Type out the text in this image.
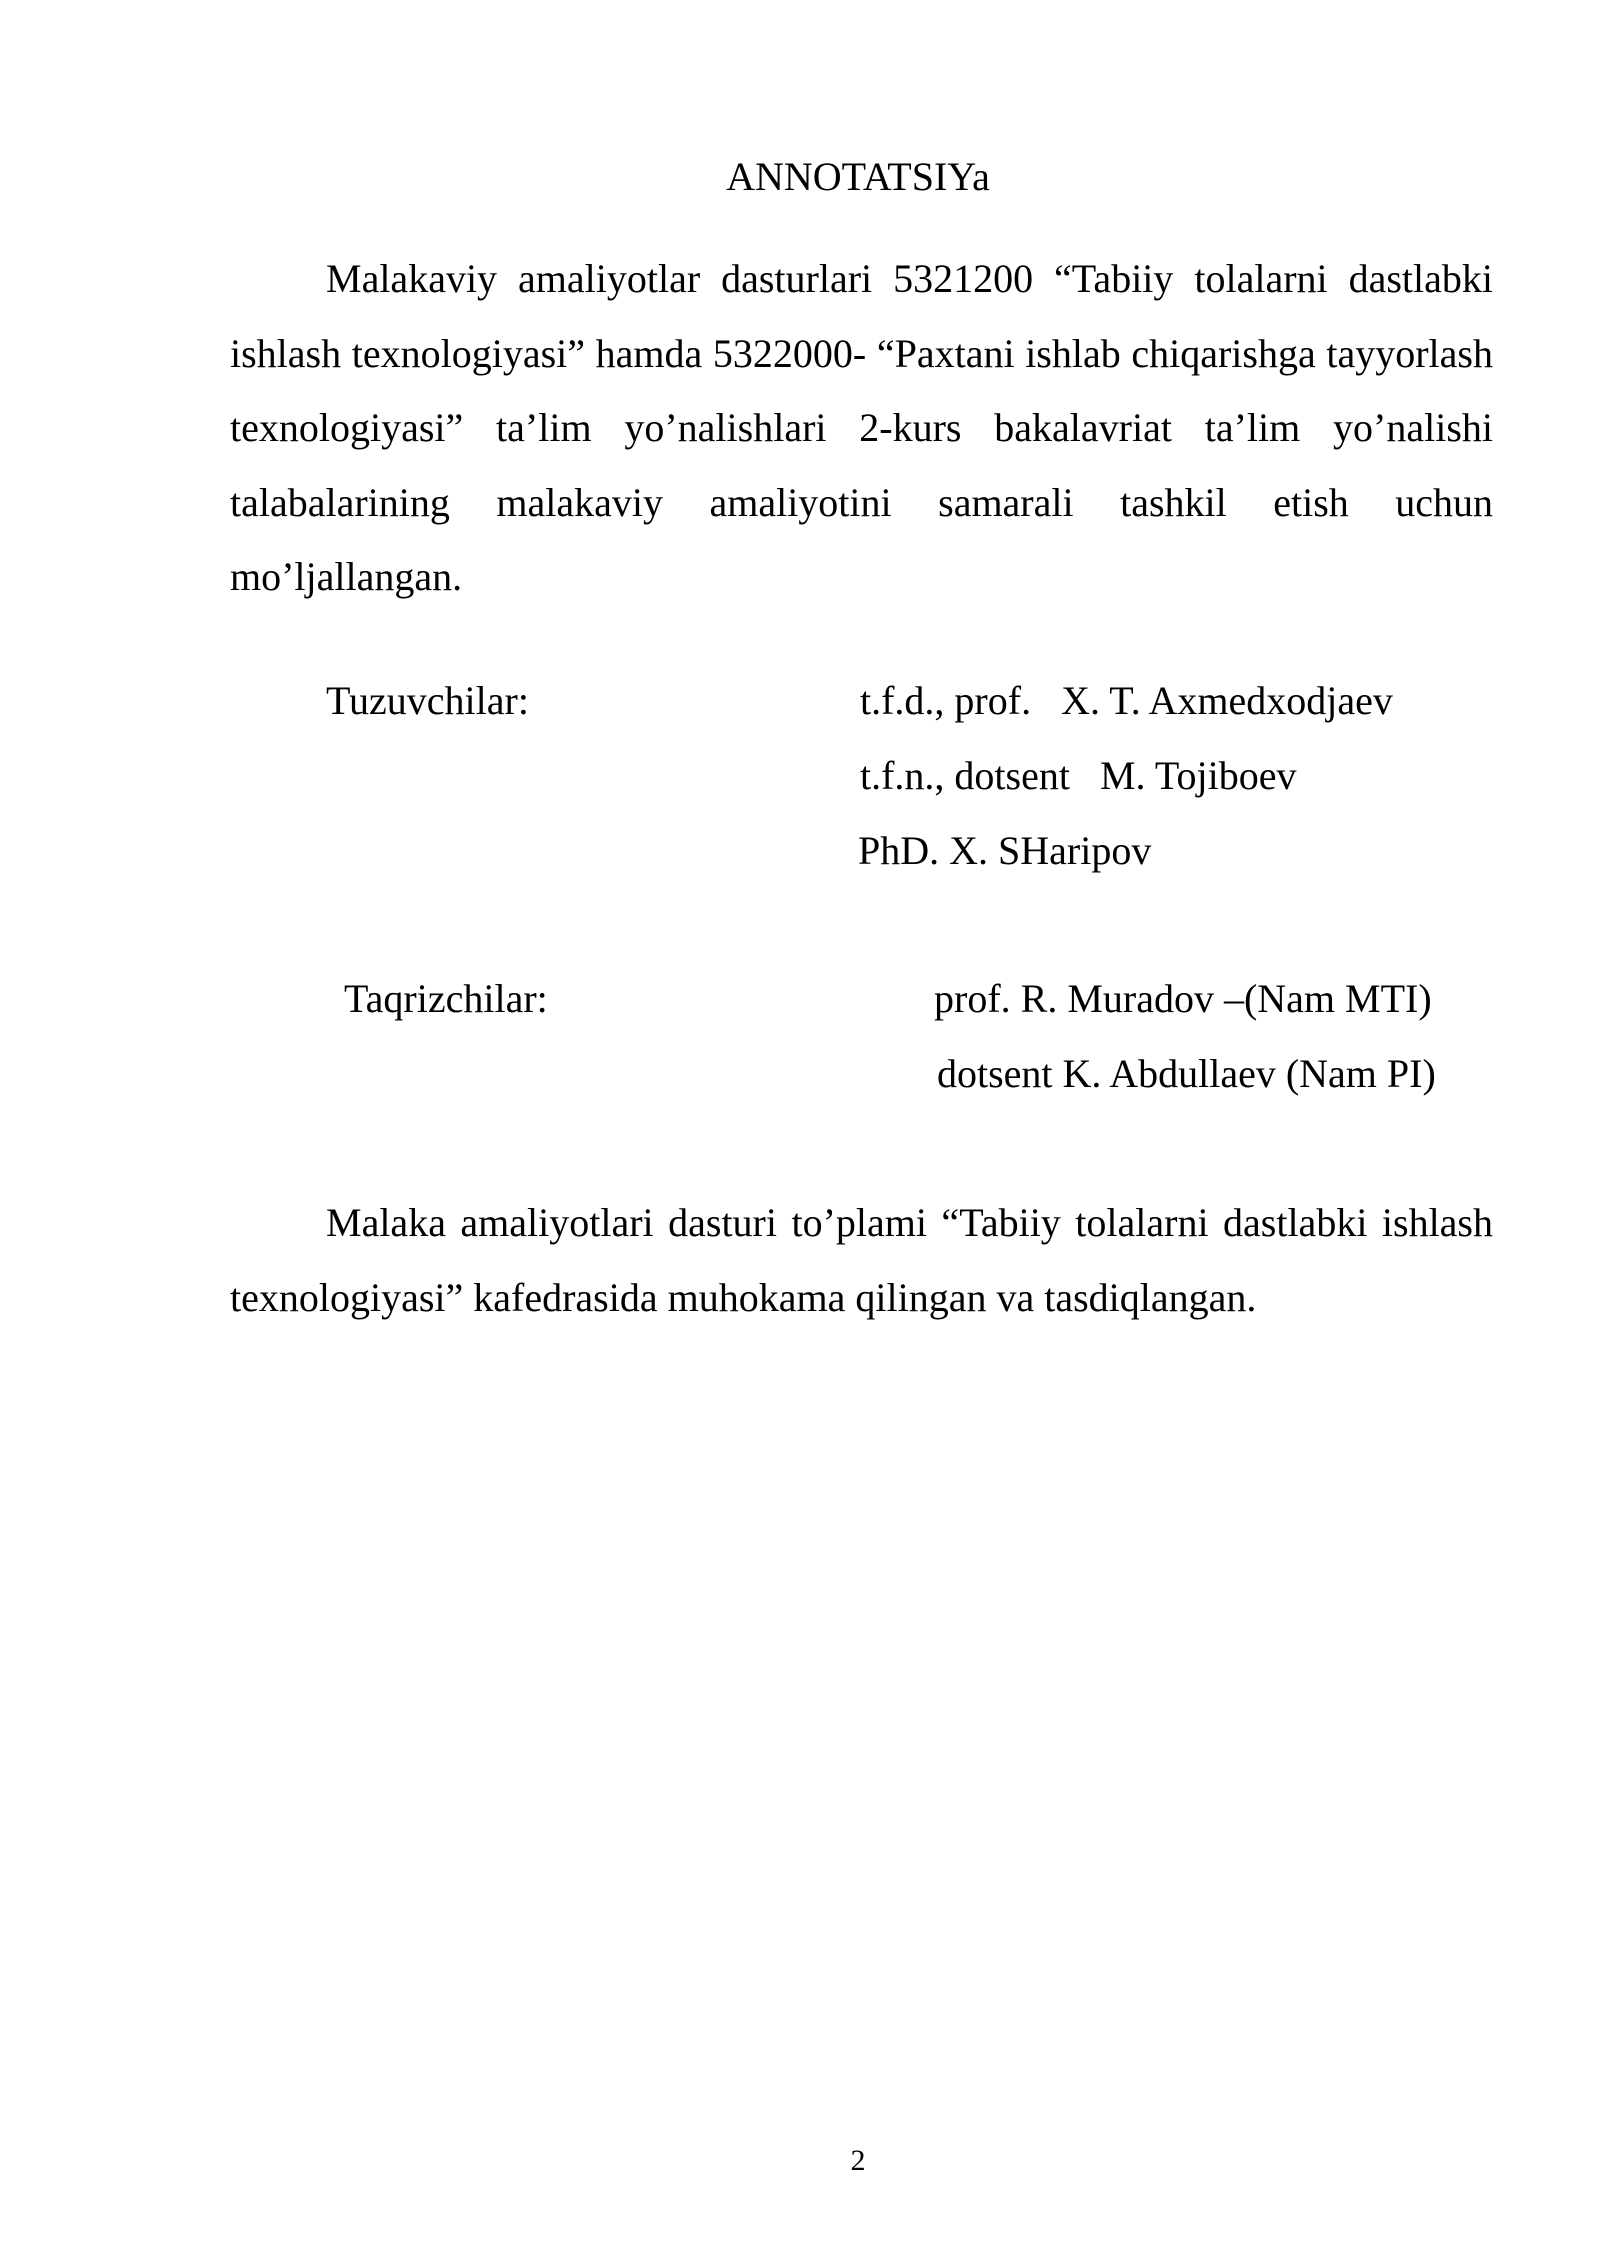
ANNOTATSIYa

Malakaviy amaliyotlar dasturlari 5321200 “Tabiiy tolalarni dastlabki ishlash texnologiyasi” hamda 5322000- “Paxtani ishlab chiqarishga tayyorlash texnologiyasi” ta’lim yo’nalishlari 2-kurs bakalavriat ta’lim yo’nalishi talabalarining malakaviy amaliyotini samarali tashkil etish uchun mo’ljallangan.

Tuzuvchilar:	t.f.d., prof. X. T. Axmedxodjaev
t.f.n., dotsent M. Tojiboev
PhD. X. SHaripov
Taqrizchilar:	prof. R. Muradov –(Nam MTI)
dotsent K. Abdullaev (Nam PI)

Malaka amaliyotlari dasturi to’plami “Tabiiy tolalarni dastlabki ishlash texnologiyasi” kafedrasida muhokama qilingan va tasdiqlangan.

2
